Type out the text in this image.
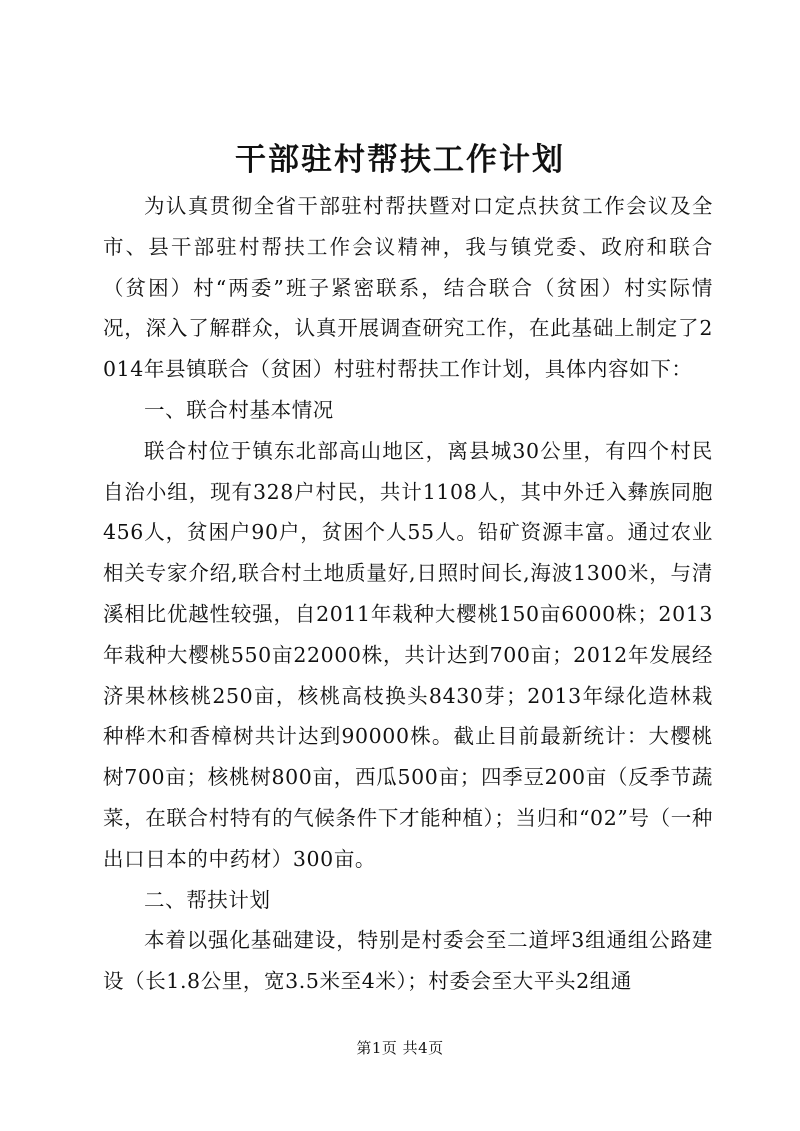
干部驻村帮扶工作计划

为认真贯彻全省干部驻村帮扶暨对口定点扶贫工作会议及全市、县干部驻村帮扶工作会议精神，我与镇党委、政府和联合（贫困）村“两委”班子紧密联系，结合联合（贫困）村实际情况，深入了解群众，认真开展调查研究工作，在此基础上制定了2014年县镇联合（贫困）村驻村帮扶工作计划，具体内容如下：

一、联合村基本情况

联合村位于镇东北部高山地区，离县城30公里，有四个村民自治小组，现有328户村民，共计1108人，其中外迁入彝族同胞456人，贫困户90户，贫困个人55人。铅矿资源丰富。通过农业相关专家介绍,联合村土地质量好,日照时间长,海波1300米，与清溪相比优越性较强，自2011年栽种大樱桃150亩6000株；2013年栽种大樱桃550亩22000株，共计达到700亩；2012年发展经济果林核桃250亩，核桃高枝换头8430芽；2013年绿化造林栽种桦木和香樟树共计达到90000株。截止目前最新统计：大樱桃树700亩；核桃树800亩，西瓜500亩；四季豆200亩（反季节蔬菜，在联合村特有的气候条件下才能种植）；当归和“02”号（一种出口日本的中药材）300亩。

二、帮扶计划

本着以强化基础建设，特别是村委会至二道坪3组通组公路建设（长1.8公里，宽3.5米至4米）；村委会至大平头2组通

第1页 共4页
